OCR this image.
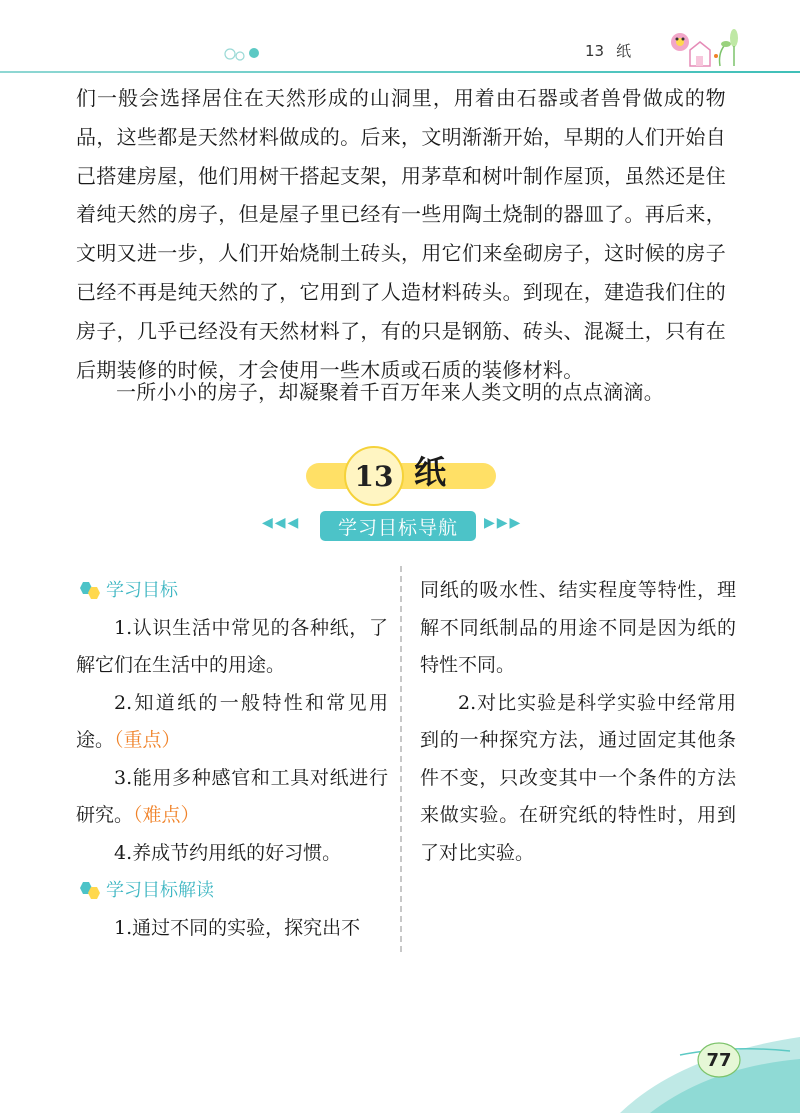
13 纸

们一般会选择居住在天然形成的山洞里，用着由石器或者兽骨做成的物品，这些都是天然材料做成的。后来，文明渐渐开始，早期的人们开始自己搭建房屋，他们用树干搭起支架，用茅草和树叶制作屋顶，虽然还是住着纯天然的房子，但是屋子里已经有一些用陶土烧制的器皿了。再后来，文明又进一步，人们开始烧制土砖头，用它们来垒砌房子，这时候的房子已经不再是纯天然的了，它用到了人造材料砖头。到现在，建造我们住的房子，几乎已经没有天然材料了，有的只是钢筋、砖头、混凝土，只有在后期装修的时候，才会使用一些木质或石质的装修材料。

一所小小的房子，却凝聚着千百万年来人类文明的点点滴滴。

13 纸
◀◀◀	学习目标导航	▶▶▶
学习目标

1.认识生活中常见的各种纸，了解它们在生活中的用途。

2.知道纸的一般特性和常见用途。（重点）

3.能用多种感官和工具对纸进行研究。（难点）

4.养成节约用纸的好习惯。

学习目标解读

1.通过不同的实验，探究出不

同纸的吸水性、结实程度等特性，理解不同纸制品的用途不同是因为纸的特性不同。

2.对比实验是科学实验中经常用到的一种探究方法，通过固定其他条件不变，只改变其中一个条件的方法来做实验。在研究纸的特性时，用到了对比实验。

77
